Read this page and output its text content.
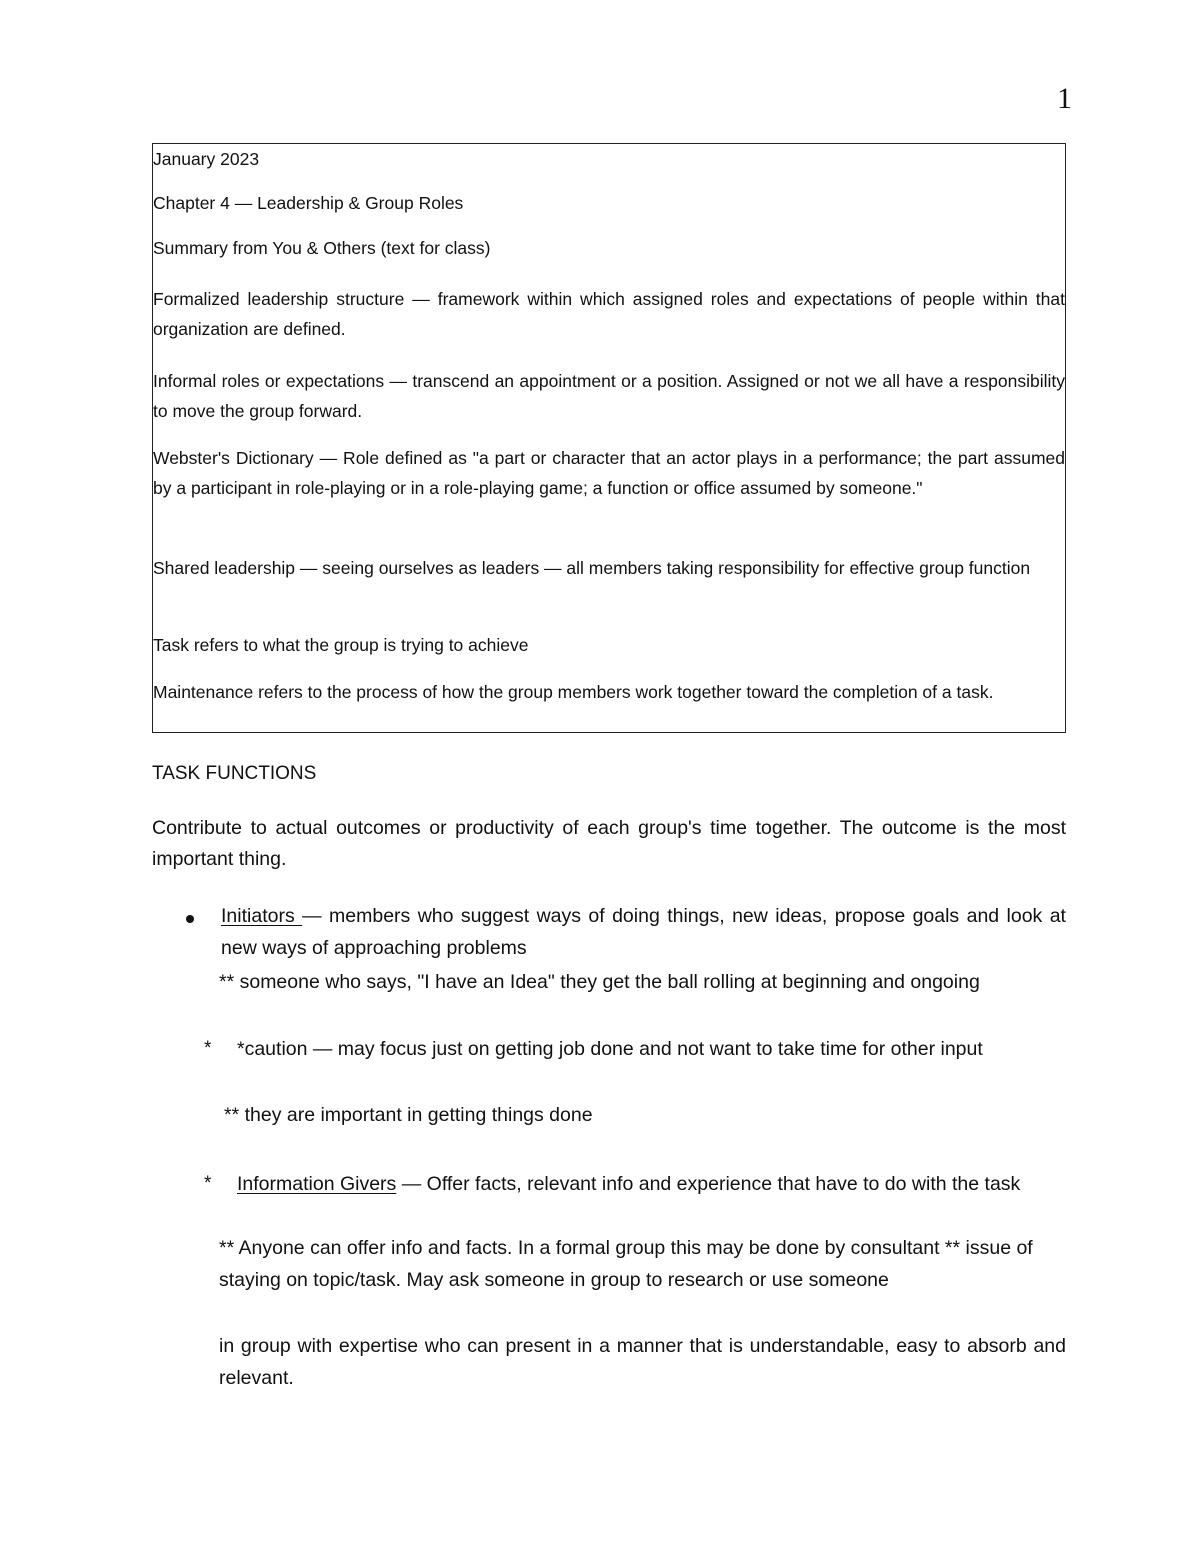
1

January 2023

Chapter 4 — Leadership & Group Roles

Summary from You & Others (text for class)

Formalized leadership structure — framework within which assigned roles and expectations of people within that organization are defined.

Informal roles or expectations — transcend an appointment or a position. Assigned or not we all have a responsibility to move the group forward.

Webster's Dictionary — Role defined as "a part or character that an actor plays in a performance; the part assumed by a participant in role-playing or in a role-playing game; a function or office assumed by someone."

Shared leadership — seeing ourselves as leaders — all members taking responsibility for effective group function

Task refers to what the group is trying to achieve

Maintenance refers to the process of how the group members work together toward the completion of a task.

TASK FUNCTIONS

Contribute to actual outcomes or productivity of each group's time together. The outcome is the most important thing.

Initiators — members who suggest ways of doing things, new ideas, propose goals and look at new ways of approaching problems

** someone who says, "I have an Idea" they get the ball rolling at beginning and ongoing

* *caution — may focus just on getting job done and not want to take time for other input

** they are important in getting things done

* Information Givers — Offer facts, relevant info and experience that have to do with the task

** Anyone can offer info and facts. In a formal group this may be done by consultant ** issue of staying on topic/task. May ask someone in group to research or use someone

in group with expertise who can present in a manner that is understandable, easy to absorb and relevant.
